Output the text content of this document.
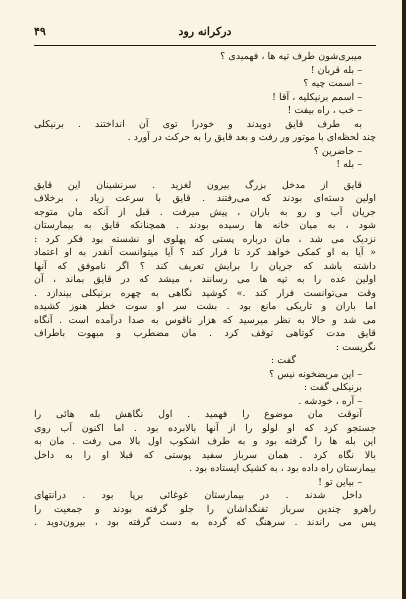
درکرانه رود
۴۹
میبری‌شون طرف تپه ها ، فهمیدی ؟
– بله قربان !
– اسمت چیه ؟
– اسمم برنیکلیه ، آقا !
– خب ، راه بیفت !
به طرف قایق دویدند و خودرا توی آن انداختند . برنیکلی
چند لحظه‌ای با موتور ور رفت و بعد قایق را به حرکت در آورد .
– حاضرین ؟
– بله !
قایق از مدخل بزرگ بیرون لغزید . سرنشینان این قایق
اولین دسته‌ای بودند که می‌رفتند . قایق با سرعت زیاد ، برخلاف
جریان آب و رو به باران ، پیش میرفت . قبل از آنکه مان متوجه
شود ، به میان خانه ها رسیده بودند . همچنانکه قایق به بیمارستان
نزدیک می شد ، مان درباره پستی که پهلوی او نشسته بود فکر کرد :
« آیا به او کمکی خواهد کرد تا فرار کند ؟ آیا میتوانست آنقدر به او اعتماد
داشته باشد که جریان را برایش تعریف کند ؟ اگر ناموفق که آنها
اولین عده را به تپه ها می رسانند ، میشد که در قایق بماند ، آن
وقت می‌توانست فرار کند .» کوشید نگاهی به چهره برنیکلی بیندازد .
اما باران و تاریکی مانع بود . بشت سر او سوت خطر هنوز کشیده
می شد و حالا به نظر میرسید که هزار ناقوس به صدا درآمده است . آنگاه
قایق مدت کوتاهی توقف کرد . مان مضطرب و مبهوت باطراف
نگریست :
گفت :
– این مریضخونه نیس ؟
برنیکلی گفت :
– آره ، خودشه .
آنوقت مان موضوع را فهمید . اول نگاهش بله هائی را
جستجو کرد که او لولو را از آنها بالابرده بود . اما اکنون آب روی
این بله ها را گرفته بود و به طرف اشکوب اول بالا می رفت . مان به
بالا نگاه کرد . همان سرباز سفید پوستی که قبلا او را به داخل
بیمارستان راه داده بود ، به کشیک ایستاده بود .
– بیاین تو !
داخل شدند . در بیمارستان غوغائی برپا بود . درانتهای
راهرو چندین سرباز تفنگداشان را جلو گرفته بودند و جمعیت را
پس می راندند . سرهنگ که گرده به دست گرفته بود ، بیرون‌دوید .
